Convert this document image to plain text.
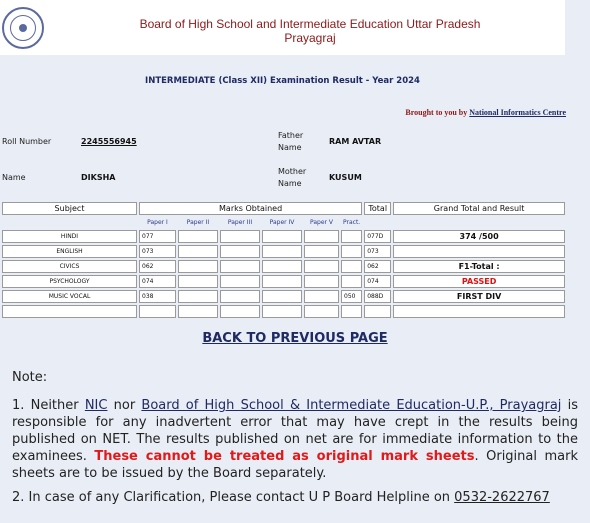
Board of High School and Intermediate Education Uttar Pradesh
Prayagraj
INTERMEDIATE (Class XII) Examination Result - Year 2024
Brought to you by National Informatics Centre
Roll Number	2245556945
Father
Name
RAM AVTAR
Name	DIKSHA
Mother
Name
KUSUM
Subject	Marks Obtained						Total	Grand Total and Result
	Paper I	Paper II	Paper III	Paper IV	Paper V	Pract.		
HINDI	077						077D	374 /500
ENGLISH	073						073	
CIVICS	062						062	F1-Total :
PSYCHOLOGY	074						074	PASSED
MUSIC VOCAL	038					050	088D	FIRST DIV

BACK TO PREVIOUS PAGE
Note:
1. Neither NIC nor Board of High School & Intermediate Education-U.P., Prayagraj is responsible for any inadvertent error that may have crept in the results being published on NET. The results published on net are for immediate information to the examinees. These cannot be treated as original mark sheets. Original mark sheets are to be issued by the Board separately.
2. In case of any Clarification, Please contact U P Board Helpline on 0532-2622767
